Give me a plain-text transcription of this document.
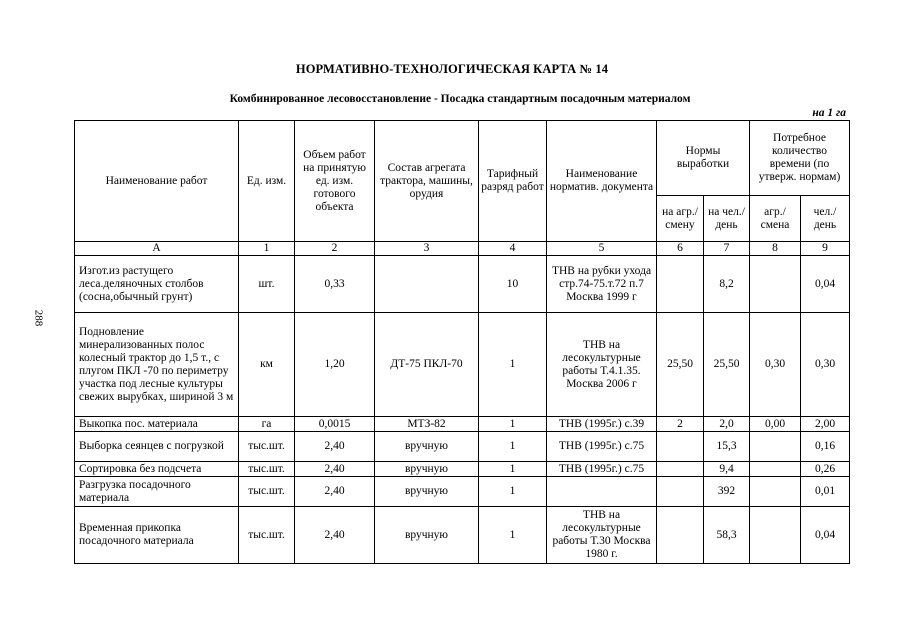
288
НОРМАТИВНО-ТЕХНОЛОГИЧЕСКАЯ КАРТА № 14
Комбинированное лесовосстановление - Посадка стандартным посадочным материалом
на 1 га
Наименование работ	Ед. изм.	Объем работ на принятую ед. изм. готового объекта	Состав агрегата трактора, машины, орудия	Тарифный разряд работ	Наименование норматив. документа	Нормы выработки		Потребное количество времени (по утверж. нормам)	
						на агр./ смену	на чел./ день	агр./ смена	чел./ день
А	1	2	3	4	5	6	7	8	9
Изгот.из растущего леса.деляночных столбов (сосна,обычный грунт)	шт.	0,33		10	ТНВ на рубки ухода стр.74-75.т.72 п.7 Москва 1999 г		8,2		0,04
Подновление минерализованных полос колесный трактор до 1,5 т., с плугом ПКЛ -70 по периметру участка под лесные культуры свежих вырубках, шириной 3 м	км	1,20	ДТ-75 ПКЛ-70	1	ТНВ на лесокультурные работы Т.4.1.35. Москва 2006 г	25,50	25,50	0,30	0,30
Выкопка пос. материала	га	0,0015	МТЗ-82	1	ТНВ (1995г.) с.39	2	2,0	0,00	2,00
Выборка сеянцев с погрузкой	тыс.шт.	2,40	вручную	1	ТНВ (1995г.) с.75		15,3		0,16
Сортировка без подсчета	тыс.шт.	2,40	вручную	1	ТНВ (1995г.) с.75		9,4		0,26
Разгрузка посадочного материала	тыс.шт.	2,40	вручную	1			392		0,01
Временная прикопка посадочного материала	тыс.шт.	2,40	вручную	1	ТНВ на лесокультурные работы Т.30 Москва 1980 г.		58,3		0,04
